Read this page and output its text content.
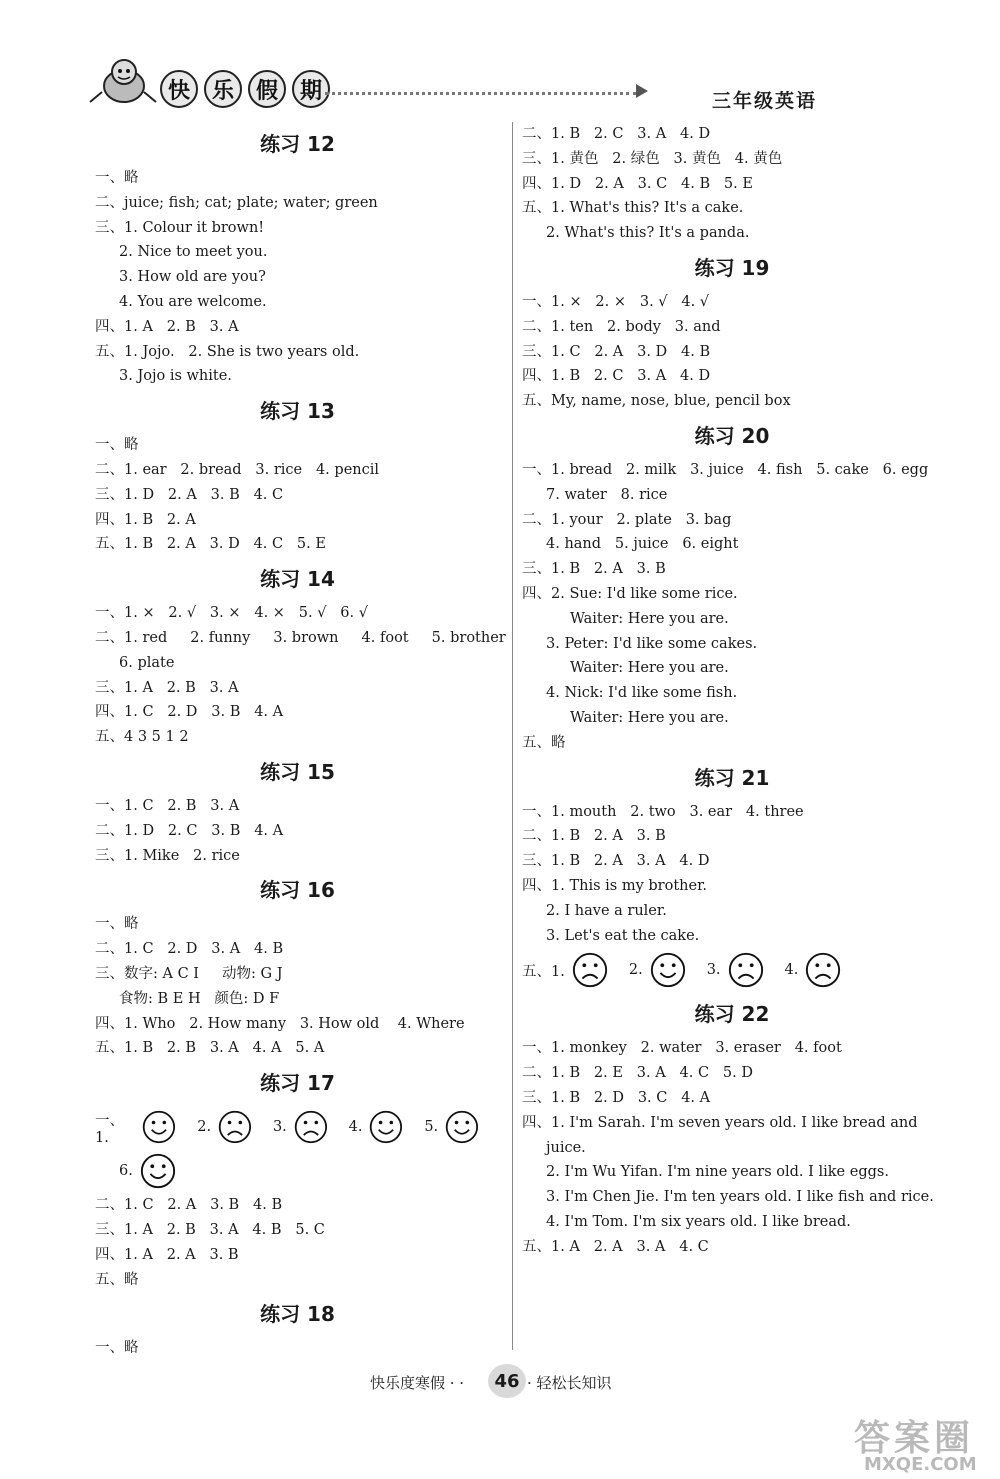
快 乐 假 期	三年级英语
练习 12
一、略
二、juice; fish; cat; plate; water; green
三、1. Colour it brown!
2. Nice to meet you.
3. How old are you?
4. You are welcome.
四、1. A   2. B   3. A
五、1. Jojo.   2. She is two years old.
3. Jojo is white.
练习 13
一、略
二、1. ear   2. bread   3. rice   4. pencil
三、1. D   2. A   3. B   4. C
四、1. B   2. A
五、1. B   2. A   3. D   4. C   5. E
练习 14
一、1. ×   2. √   3. ×   4. ×   5. √   6. √
二、1. red     2. funny     3. brown     4. foot     5. brother
6. plate
三、1. A   2. B   3. A
四、1. C   2. D   3. B   4. A
五、4 3 5 1 2
练习 15
一、1. C   2. B   3. A
二、1. D   2. C   3. B   4. A
三、1. Mike   2. rice
练习 16
一、略
二、1. C   2. D   3. A   4. B
三、数字: A C I     动物: G J
食物: B E H   颜色: D F
四、1. Who   2. How many   3. How old    4. Where
五、1. B   2. B   3. A   4. A   5. A
练习 17
一、1.
2.	3.	4.	5.
6.
二、1. C   2. A   3. B   4. B
三、1. A   2. B   3. A   4. B   5. C
四、1. A   2. A   3. B
五、略
练习 18
一、略
二、1. B   2. C   3. A   4. D
三、1. 黄色   2. 绿色   3. 黄色   4. 黄色
四、1. D   2. A   3. C   4. B   5. E
五、1. What's this? It's a cake.
2. What's this? It's a panda.
练习 19
一、1. ×   2. ×   3. √   4. √
二、1. ten   2. body   3. and
三、1. C   2. A   3. D   4. B
四、1. B   2. C   3. A   4. D
五、My, name, nose, blue, pencil box
练习 20
一、1. bread   2. milk   3. juice   4. fish   5. cake   6. egg
7. water   8. rice
二、1. your   2. plate   3. bag
4. hand   5. juice   6. eight
三、1. B   2. A   3. B
四、2. Sue: I'd like some rice.
Waiter: Here you are.
3. Peter: I'd like some cakes.
Waiter: Here you are.
4. Nick: I'd like some fish.
Waiter: Here you are.
五、略
练习 21
一、1. mouth   2. two   3. ear   4. three
二、1. B   2. A   3. B
三、1. B   2. A   3. A   4. D
四、1. This is my brother.
2. I have a ruler.
3. Let's eat the cake.
五、1.	2.	3.	4.
练习 22
一、1. monkey   2. water   3. eraser   4. foot
二、1. B   2. E   3. A   4. C   5. D
三、1. B   2. D   3. C   4. A
四、1. I'm Sarah. I'm seven years old. I like bread and
juice.
2. I'm Wu Yifan. I'm nine years old. I like eggs.
3. I'm Chen Jie. I'm ten years old. I like fish and rice.
4. I'm Tom. I'm six years old. I like bread.
五、1. A   2. A   3. A   4. C
快乐度寒假 · ·	46 · 轻松长知识
答案圈
MXQE.COM
